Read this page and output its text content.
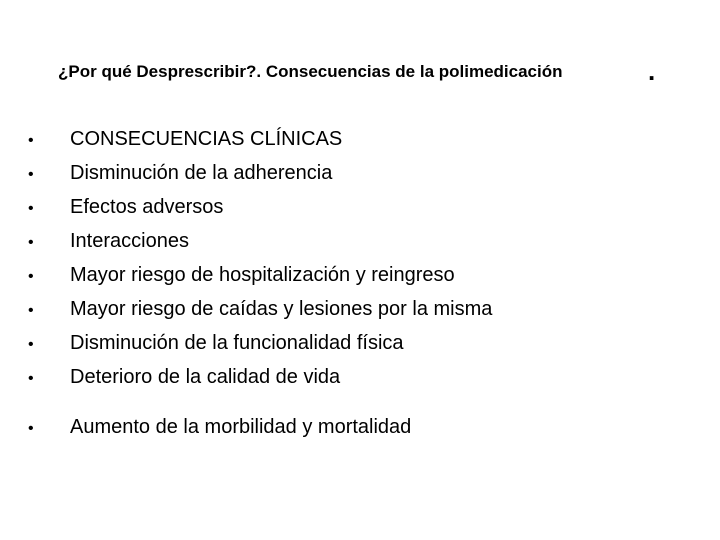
¿Por qué Desprescribir?. Consecuencias de la polimedicación	.
•	CONSECUENCIAS CLÍNICAS
•	Disminución de la adherencia
•	Efectos adversos
•	Interacciones
•	Mayor riesgo de hospitalización y reingreso
•	Mayor riesgo de caídas y lesiones por la misma
•	Disminución de la funcionalidad física
•	Deterioro de la calidad de vida
•	Aumento de la morbilidad y mortalidad
